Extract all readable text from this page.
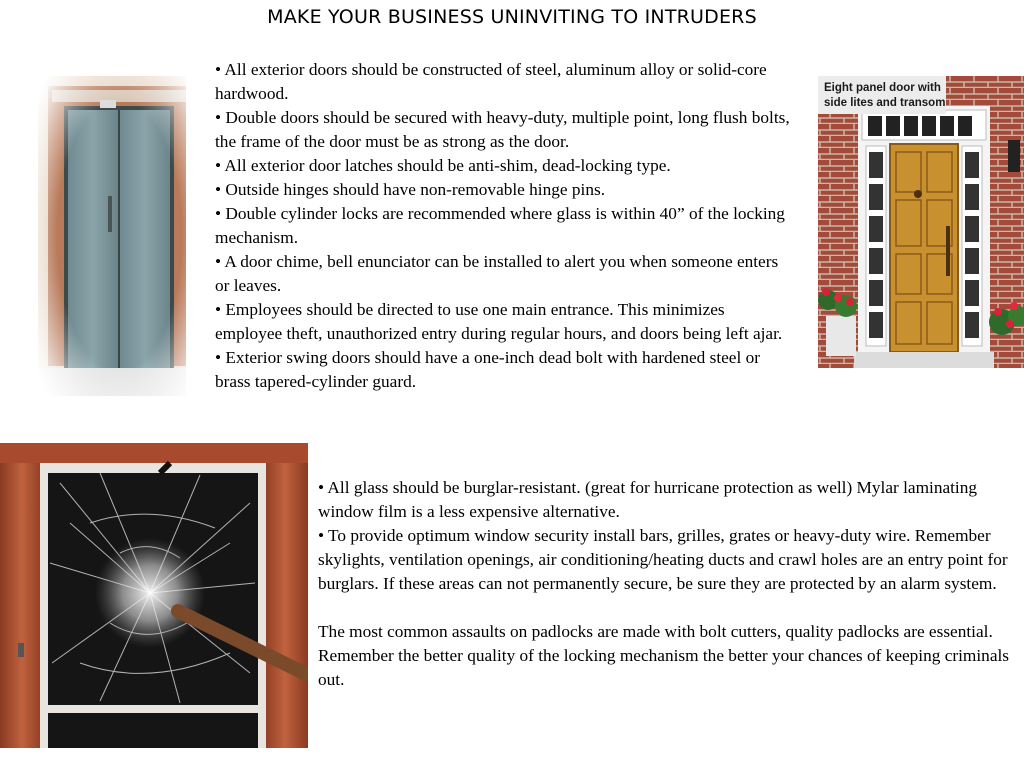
MAKE YOUR BUSINESS UNINVITING TO INTRUDERS
Eight panel door with
side lites and transom

• All exterior doors should be constructed of steel, aluminum alloy or solid-core hardwood.

• Double doors should be secured with heavy-duty, multiple point, long flush bolts, the frame of the door must be as strong as the door.

• All exterior door latches should be anti-shim, dead-locking type.

• Outside hinges should have non-removable hinge pins.

• Double cylinder locks are recommended where glass is within 40” of the locking mechanism.

• A door chime, bell enunciator can be installed to alert you when someone enters or leaves.

• Employees should be directed to use one main entrance. This minimizes employee theft, unauthorized entry during regular hours, and doors being left ajar.

• Exterior swing doors should have a one-inch dead bolt with hardened steel or brass tapered-cylinder guard.

• All glass should be burglar-resistant. (great for hurricane protection as well) Mylar laminating window film is a less expensive alternative.

• To provide optimum window security install bars, grilles, grates or heavy-duty wire. Remember skylights, ventilation openings, air conditioning/heating ducts and crawl holes are an entry point for burglars. If these areas can not permanently secure, be sure they are protected by an alarm system.

The most common assaults on padlocks are made with bolt cutters, quality padlocks are essential. Remember the better quality of the locking mechanism the better your chances of keeping criminals out.
